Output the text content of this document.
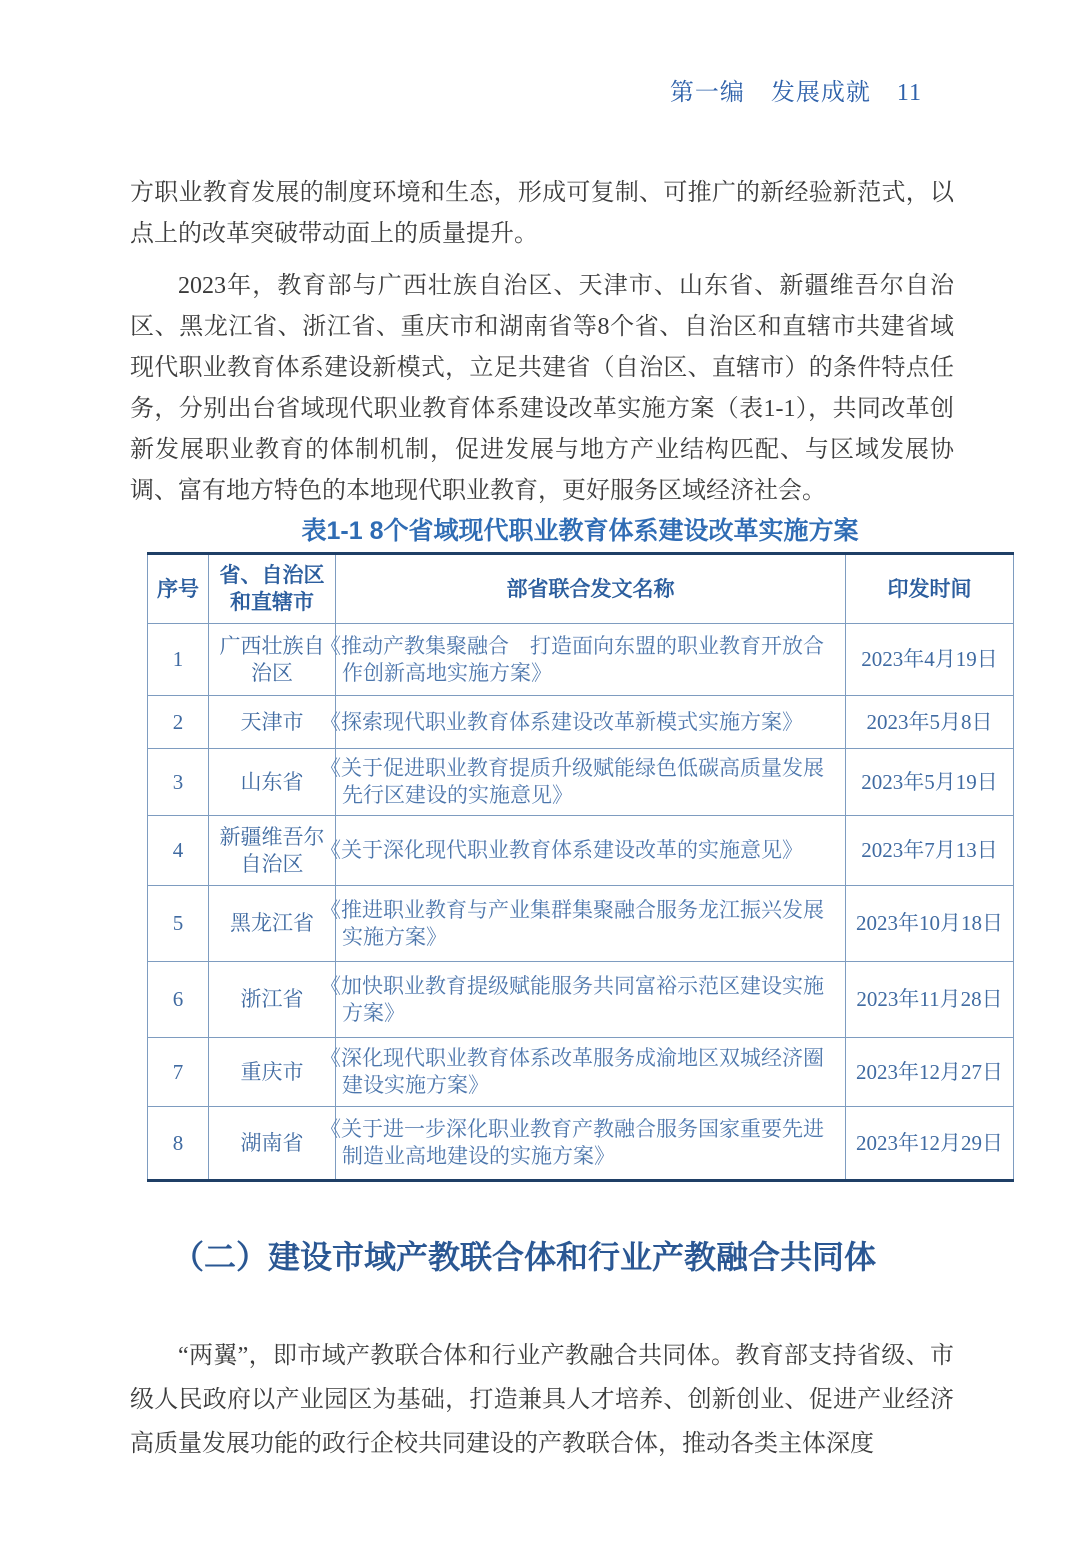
第一编 发展成就 11

方职业教育发展的制度环境和生态，形成可复制、可推广的新经验新范式，以点上的改革突破带动面上的质量提升。

2023年，教育部与广西壮族自治区、天津市、山东省、新疆维吾尔自治区、黑龙江省、浙江省、重庆市和湖南省等8个省、自治区和直辖市共建省域现代职业教育体系建设新模式，立足共建省（自治区、直辖市）的条件特点任务，分别出台省域现代职业教育体系建设改革实施方案（表1-1），共同改革创新发展职业教育的体制机制，促进发展与地方产业结构匹配、与区域发展协调、富有地方特色的本地现代职业教育，更好服务区域经济社会。

表1-1 8个省域现代职业教育体系建设改革实施方案
序号	省、自治区和直辖市	部省联合发文名称	印发时间
1	广西壮族自治区	《推动产教集聚融合　打造面向东盟的职业教育开放合作创新高地实施方案》	2023年4月19日
2	天津市	《探索现代职业教育体系建设改革新模式实施方案》	2023年5月8日
3	山东省	《关于促进职业教育提质升级赋能绿色低碳高质量发展先行区建设的实施意见》	2023年5月19日
4	新疆维吾尔自治区	《关于深化现代职业教育体系建设改革的实施意见》	2023年7月13日
5	黑龙江省	《推进职业教育与产业集群集聚融合服务龙江振兴发展实施方案》	2023年10月18日
6	浙江省	《加快职业教育提级赋能服务共同富裕示范区建设实施方案》	2023年11月28日
7	重庆市	《深化现代职业教育体系改革服务成渝地区双城经济圈建设实施方案》	2023年12月27日
8	湖南省	《关于进一步深化职业教育产教融合服务国家重要先进制造业高地建设的实施方案》	2023年12月29日
（二）建设市域产教联合体和行业产教融合共同体

“两翼”，即市域产教联合体和行业产教融合共同体。教育部支持省级、市级人民政府以产业园区为基础，打造兼具人才培养、创新创业、促进产业经济高质量发展功能的政行企校共同建设的产教联合体，推动各类主体深度
